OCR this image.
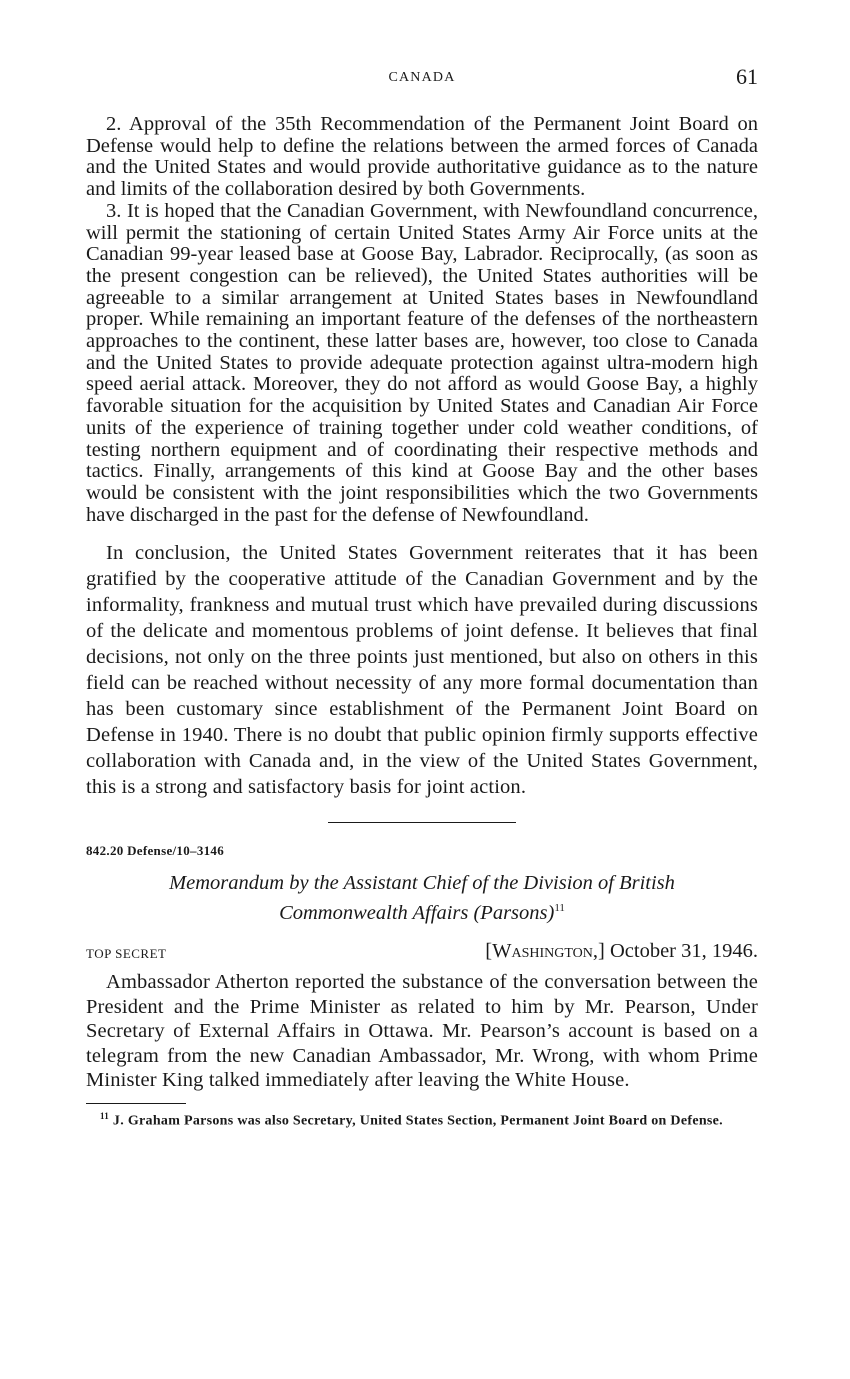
CANADA	61

2. Approval of the 35th Recommendation of the Permanent Joint Board on Defense would help to define the relations between the armed forces of Canada and the United States and would provide authoritative guidance as to the nature and limits of the collaboration desired by both Governments.

3. It is hoped that the Canadian Government, with Newfoundland concurrence, will permit the stationing of certain United States Army Air Force units at the Canadian 99-year leased base at Goose Bay, Labrador. Reciprocally, (as soon as the present congestion can be relieved), the United States authorities will be agreeable to a similar arrangement at United States bases in Newfoundland proper. While remaining an important feature of the defenses of the northeastern approaches to the continent, these latter bases are, however, too close to Canada and the United States to provide adequate protection against ultra-modern high speed aerial attack. Moreover, they do not afford as would Goose Bay, a highly favorable situation for the acquisition by United States and Canadian Air Force units of the experience of training together under cold weather conditions, of testing northern equipment and of coordinating their respective methods and tactics. Finally, arrangements of this kind at Goose Bay and the other bases would be consistent with the joint responsibilities which the two Governments have discharged in the past for the defense of Newfoundland.

In conclusion, the United States Government reiterates that it has been gratified by the cooperative attitude of the Canadian Government and by the informality, frankness and mutual trust which have prevailed during discussions of the delicate and momentous problems of joint defense. It believes that final decisions, not only on the three points just mentioned, but also on others in this field can be reached without necessity of any more formal documentation than has been customary since establishment of the Permanent Joint Board on Defense in 1940. There is no doubt that public opinion firmly supports effective collaboration with Canada and, in the view of the United States Government, this is a strong and satisfactory basis for joint action.

842.20 Defense/10–3146
Memorandum by the Assistant Chief of the Division of British
Commonwealth Affairs (Parsons)$^{11}$
TOP SECRET	[Washington,] October 31, 1946.

Ambassador Atherton reported the substance of the conversation between the President and the Prime Minister as related to him by Mr. Pearson, Under Secretary of External Affairs in Ottawa. Mr. Pearson’s account is based on a telegram from the new Canadian Ambassador, Mr. Wrong, with whom Prime Minister King talked immediately after leaving the White House.

$^{11}$ J. Graham Parsons was also Secretary, United States Section, Permanent Joint Board on Defense.
